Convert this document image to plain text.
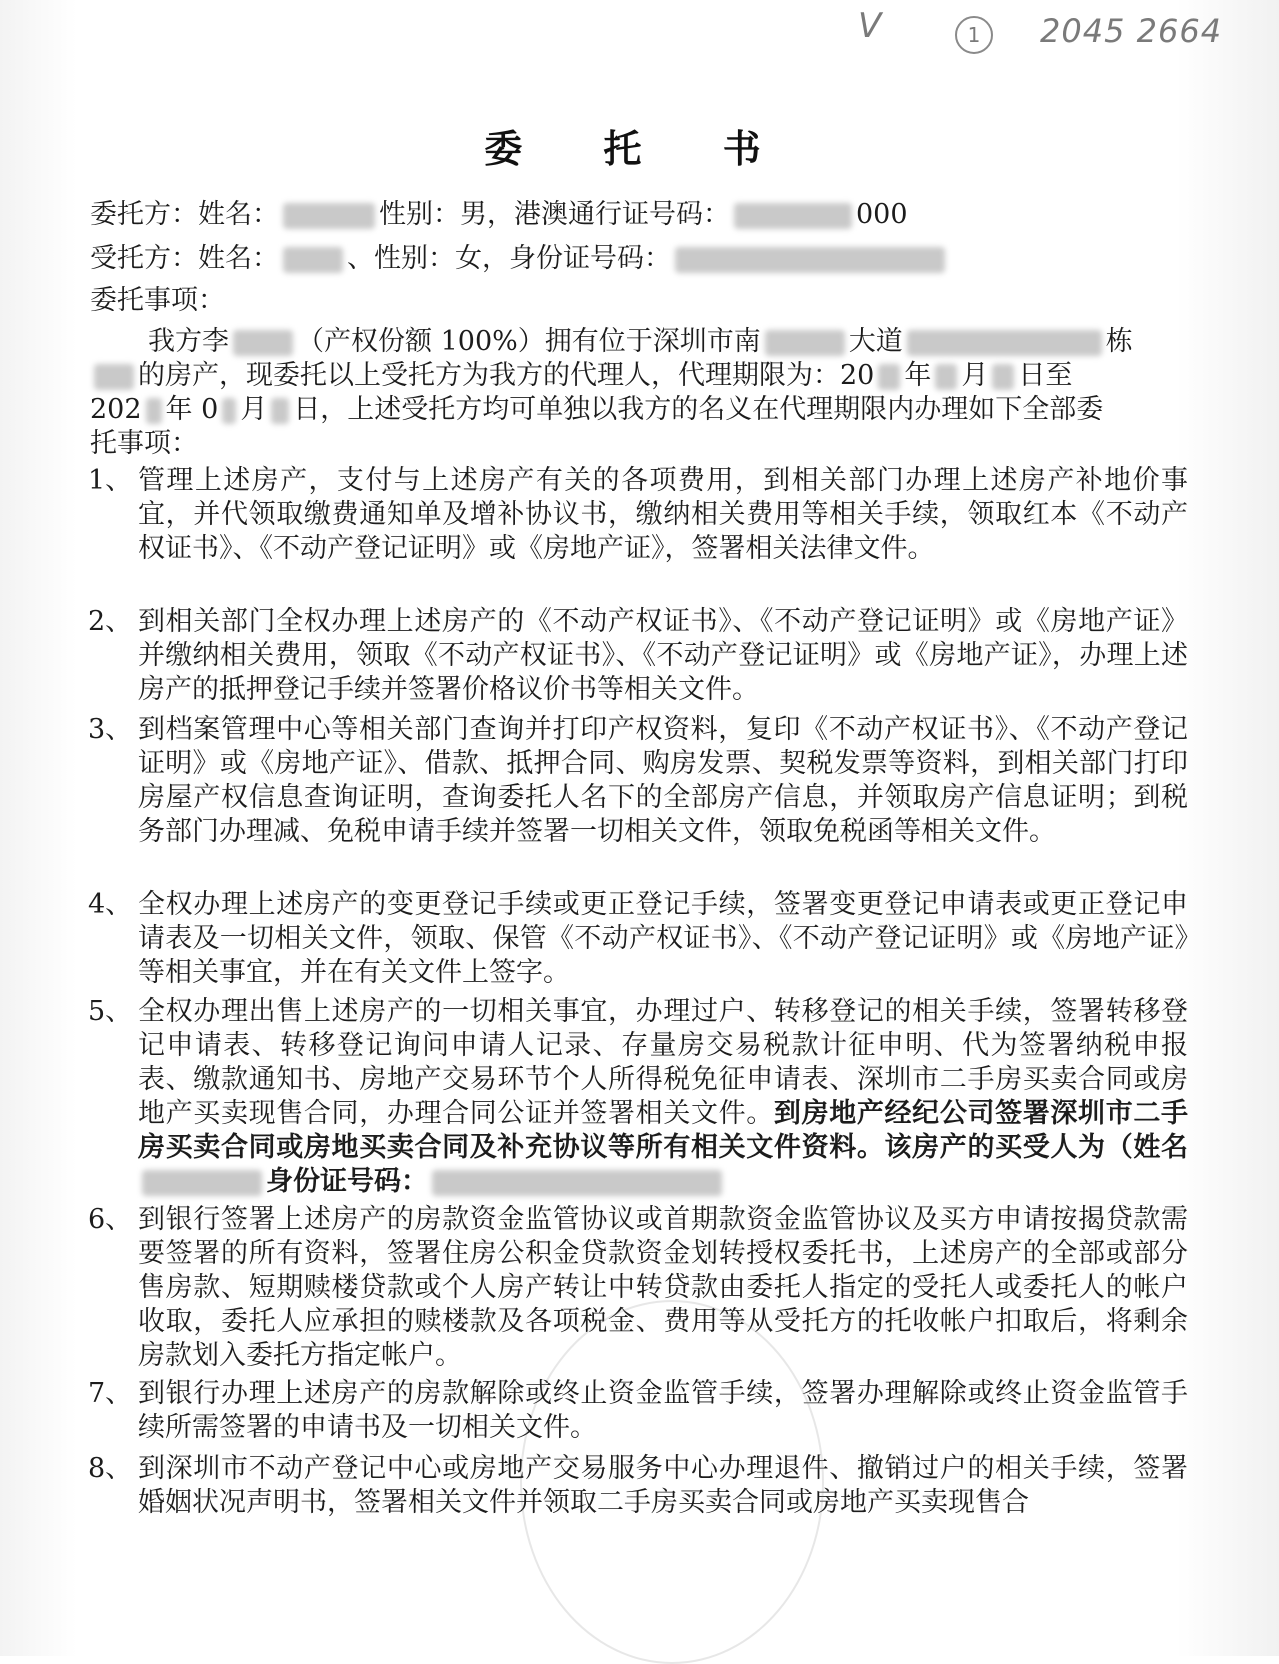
V	1	2045 2664
委 托 书
委托方：姓名：	性别：男，港澳通行证号码：	000
受托方：姓名：	、性别：女，身份证号码：
委托事项：
我方李	（产权份额 100%）拥有位于深圳市南	大道	栋
的房产，现委托以上受托方为我方的代理人，代理期限为：20 年 月 日至
202 年 0 月 日，上述受托方均可单独以我方的名义在代理期限内办理如下全部委
托事项：
1、 管理上述房产，支付与上述房产有关的各项费用，到相关部门办理上述房产补地价事宜，并代领取缴费通知单及增补协议书，缴纳相关费用等相关手续，领取红本《不动产权证书》、《不动产登记证明》或《房地产证》，签署相关法律文件。
2、 到相关部门全权办理上述房产的《不动产权证书》、《不动产登记证明》或《房地产证》并缴纳相关费用，领取《不动产权证书》、《不动产登记证明》或《房地产证》，办理上述房产的抵押登记手续并签署价格议价书等相关文件。
3、 到档案管理中心等相关部门查询并打印产权资料，复印《不动产权证书》、《不动产登记证明》或《房地产证》、借款、抵押合同、购房发票、契税发票等资料，到相关部门打印房屋产权信息查询证明，查询委托人名下的全部房产信息，并领取房产信息证明；到税务部门办理减、免税申请手续并签署一切相关文件，领取免税函等相关文件。
4、 全权办理上述房产的变更登记手续或更正登记手续，签署变更登记申请表或更正登记申请表及一切相关文件，领取、保管《不动产权证书》、《不动产登记证明》或《房地产证》等相关事宜，并在有关文件上签字。
5、 全权办理出售上述房产的一切相关事宜，办理过户、转移登记的相关手续，签署转移登记申请表、转移登记询问申请人记录、存量房交易税款计征申明、代为签署纳税申报表、缴款通知书、房地产交易环节个人所得税免征申请表、深圳市二手房买卖合同或房地产买卖现售合同，办理合同公证并签署相关文件。到房地产经纪公司签署深圳市二手房买卖合同或房地买卖合同及补充协议等所有相关文件资料。该房产的买受人为（姓名身份证号码：
6、 到银行签署上述房产的房款资金监管协议或首期款资金监管协议及买方申请按揭贷款需要签署的所有资料，签署住房公积金贷款资金划转授权委托书，上述房产的全部或部分售房款、短期赎楼贷款或个人房产转让中转贷款由委托人指定的受托人或委托人的帐户收取，委托人应承担的赎楼款及各项税金、费用等从受托方的托收帐户扣取后，将剩余房款划入委托方指定帐户。
7、 到银行办理上述房产的房款解除或终止资金监管手续，签署办理解除或终止资金监管手续所需签署的申请书及一切相关文件。
8、 到深圳市不动产登记中心或房地产交易服务中心办理退件、撤销过户的相关手续，签署婚姻状况声明书，签署相关文件并领取二手房买卖合同或房地产买卖现售合
